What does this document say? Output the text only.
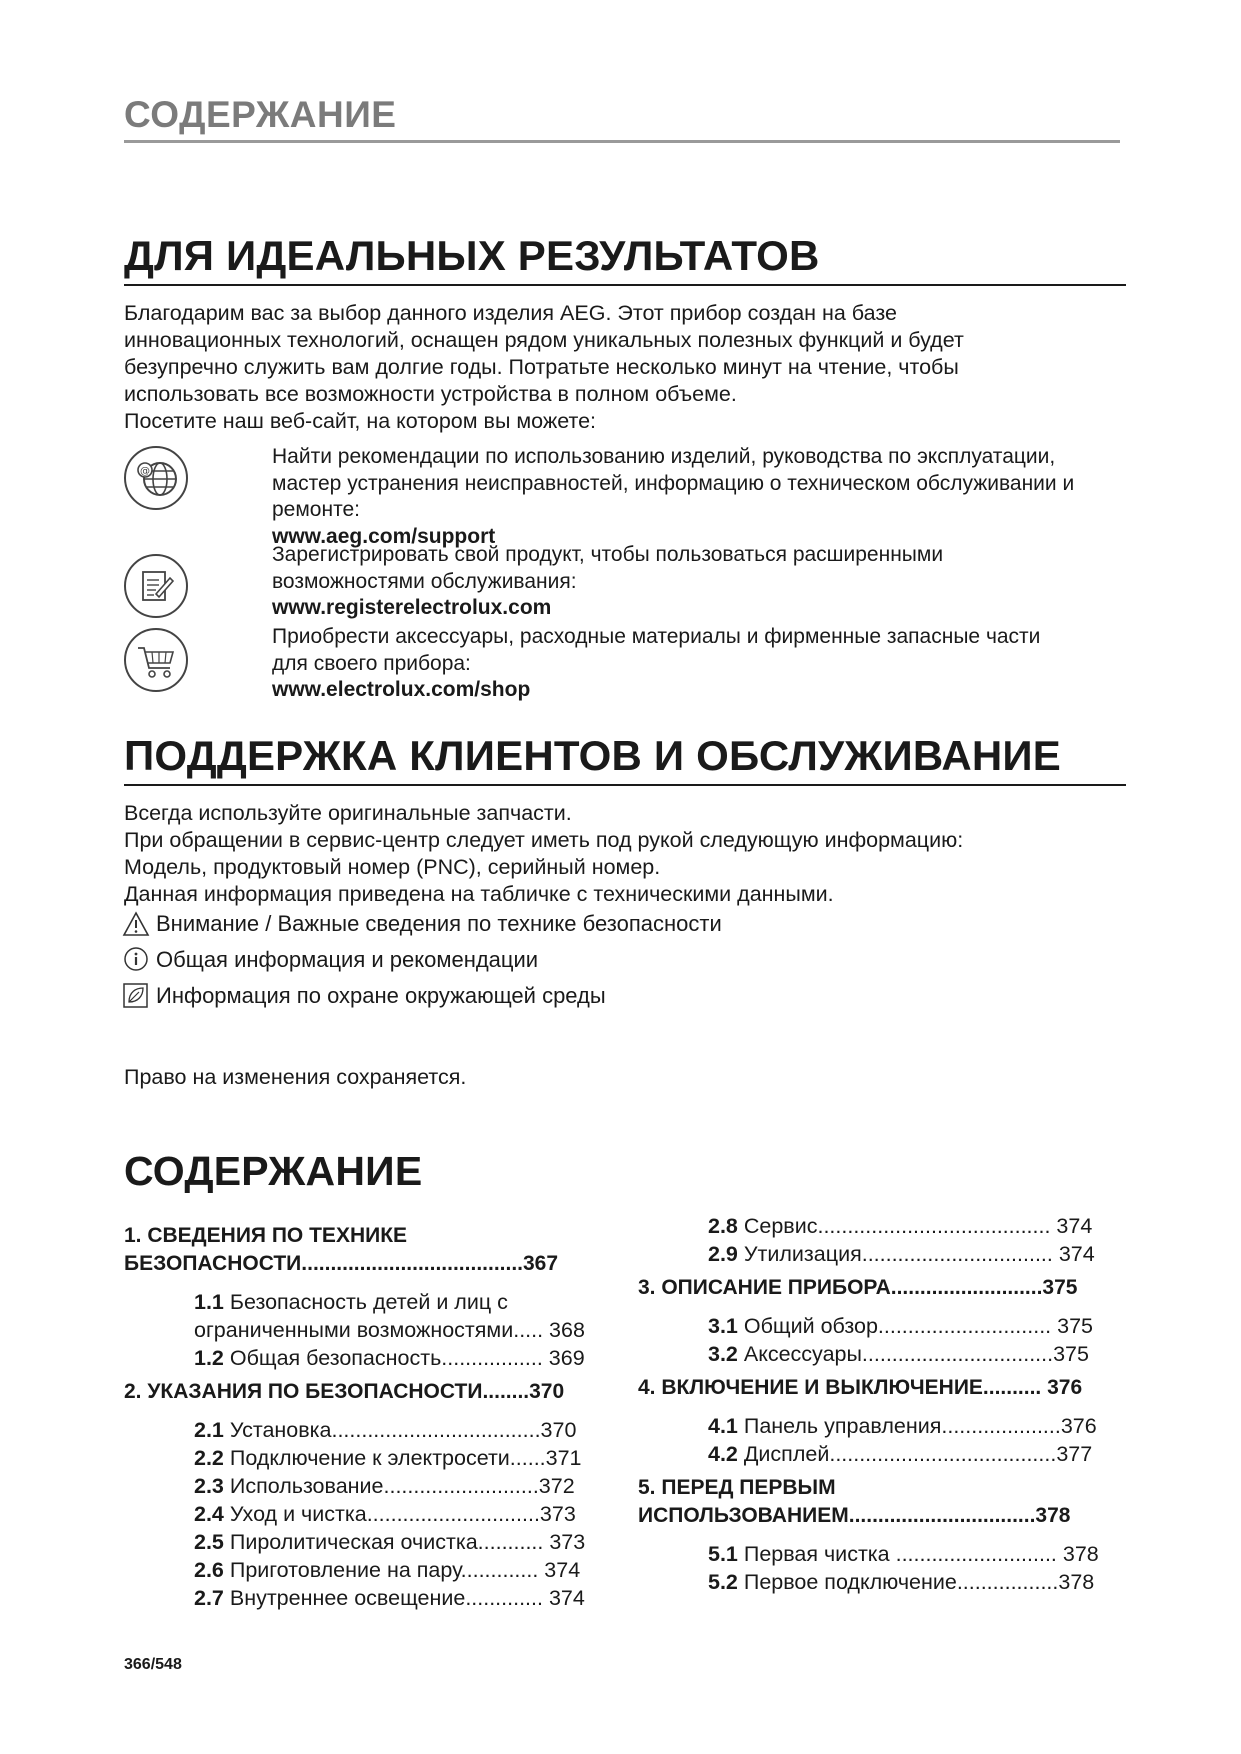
СОДЕРЖАНИЕ
ДЛЯ ИДЕАЛЬНЫХ РЕЗУЛЬТАТОВ
Благодарим вас за выбор данного изделия AEG. Этот прибор создан на базе
инновационных технологий, оснащен рядом уникальных полезных функций и будет
безупречно служить вам долгие годы. Потратьте несколько минут на чтение, чтобы
использовать все возможности устройства в полном объеме.
Посетите наш веб-сайт, на котором вы можете:
@
Найти рекомендации по использованию изделий, руководства по эксплуатации,
мастер устранения неисправностей, информацию о техническом обслуживании и
ремонте:
www.aeg.com/support
Зарегистрировать свой продукт, чтобы пользоваться расширенными
возможностями обслуживания:
www.registerelectrolux.com
Приобрести аксессуары, расходные материалы и фирменные запасные части
для своего прибора:
www.electrolux.com/shop
ПОДДЕРЖКА КЛИЕНТОВ И ОБСЛУЖИВАНИЕ
Всегда используйте оригинальные запчасти.
При обращении в сервис-центр следует иметь под рукой следующую информацию:
Модель, продуктовый номер (PNC), серийный номер.
Данная информация приведена на табличке с техническими данными.
Внимание / Важные сведения по технике безопасности
Общая информация и рекомендации
Информация по охране окружающей среды
Право на изменения сохраняется.
СОДЕРЖАНИЕ
1. СВЕДЕНИЯ ПО ТЕХНИКЕ
БЕЗОПАСНОСТИ......................................367
1.1 Безопасность детей и лиц с
ограниченными возможностями..... 368
1.2 Общая безопасность................. 369
2. УКАЗАНИЯ ПО БЕЗОПАСНОСТИ........370
2.1 Установка...................................370
2.2 Подключение к электросети......371
2.3 Использование..........................372
2.4 Уход и чистка.............................373
2.5 Пиролитическая очистка........... 373
2.6 Приготовление на пару............. 374
2.7 Внутреннее освещение............. 374
2.8 Сервис....................................... 374
2.9 Утилизация................................ 374
3. ОПИСАНИЕ ПРИБОРА..........................375
3.1 Общий обзор............................. 375
3.2 Аксессуары................................375
4. ВКЛЮЧЕНИЕ И ВЫКЛЮЧЕНИЕ.......... 376
4.1 Панель управления....................376
4.2 Дисплей......................................377
5. ПЕРЕД ПЕРВЫМ
ИСПОЛЬЗОВАНИЕМ................................378
5.1 Первая чистка ........................... 378
5.2 Первое подключение.................378
366/548
